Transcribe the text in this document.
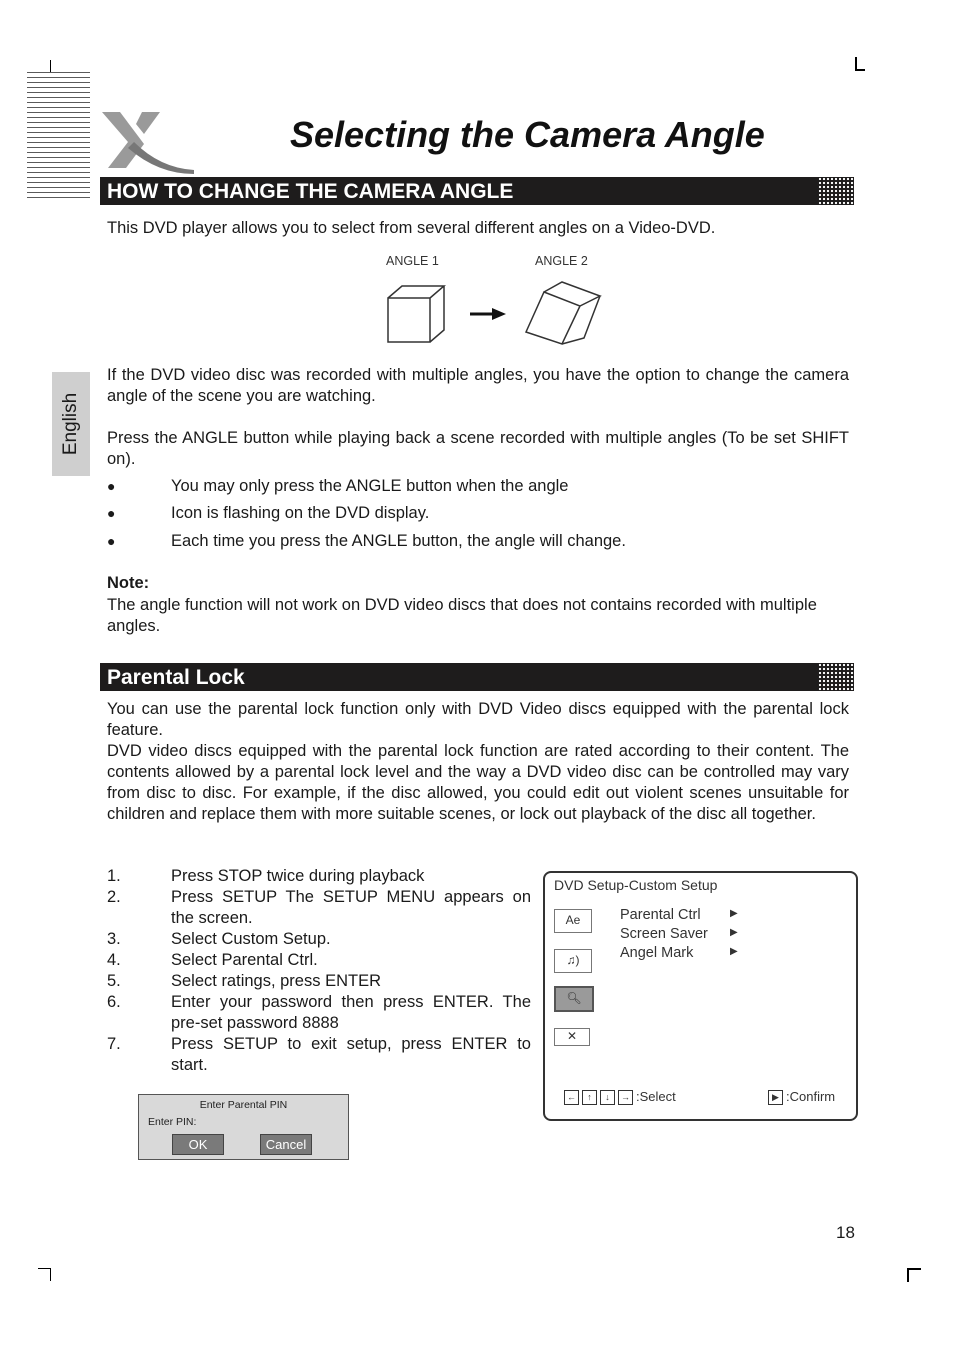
Selecting the Camera Angle
English
HOW TO CHANGE THE CAMERA ANGLE
This DVD player allows you to select from several different angles on a Video-DVD.
ANGLE 1	ANGLE 2
If the DVD video disc was recorded with multiple angles, you have the option to change the camera angle of the scene you are watching.
Press the ANGLE button while playing back a scene recorded with multiple angles (To be set SHIFT on).
●	You may only press the ANGLE button when the angle
●	Icon is flashing on the DVD display.
●	Each time you press the ANGLE button, the angle will change.
Note:
The angle function will not work on DVD video discs that does not contains recorded with multiple angles.
Parental Lock
You can use the parental lock function only with DVD Video discs equipped with the parental lock feature.
DVD video discs equipped with the parental lock function are rated according to their content. The contents allowed by a parental lock level and the way a DVD video disc can be controlled may vary from disc to disc. For example, if the disc allowed, you could edit out violent scenes unsuitable for children and replace them with more suitable scenes, or lock out playback of the disc all together.
1.	Press STOP twice during playback
2.	Press SETUP The SETUP MENU appears on the screen.
3.	Select Custom Setup.
4.	Select Parental Ctrl.
5.	Select ratings, press ENTER
6.	Enter your password then press ENTER. The pre-set password 8888
7.	Press SETUP to exit setup, press ENTER to start.
DVD Setup-Custom Setup
Ae
♫)
🔍︎
✕
Parental Ctrl	▶
Screen Saver ▶
Angel Mark	▶
← ↑ ↓ → :Select	▶ :Confirm
Enter Parental PIN
Enter PIN:
OK	Cancel
18
